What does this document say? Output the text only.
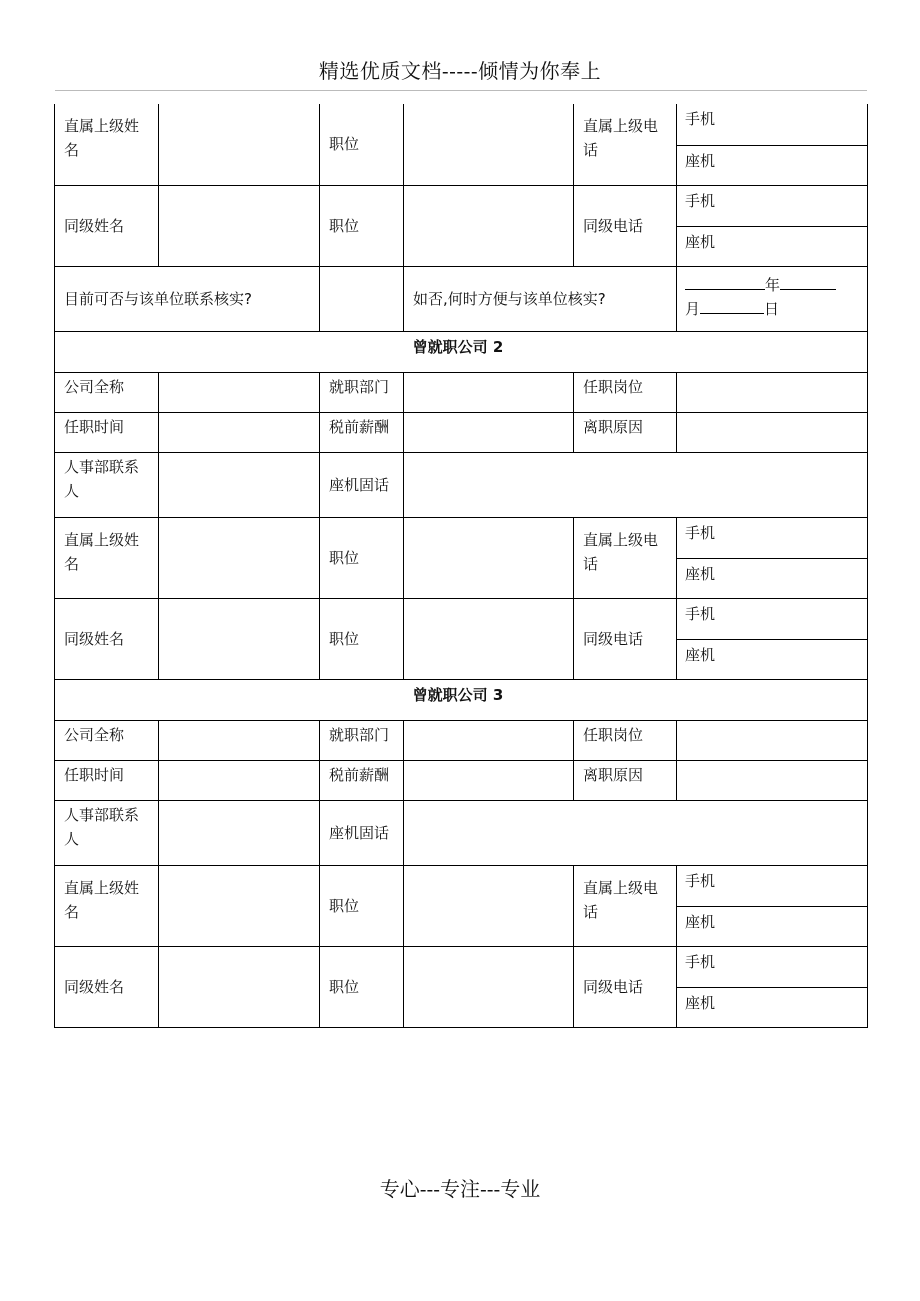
精选优质文档-----倾情为你奉上
直属上级姓名		职位		直属上级电话	手机

					座机

同级姓名		职位		同级电话	手机

					座机

目前可否与该单位联系核实?			如否,何时方便与该单位核实?		年
月 日

曾就职公司 2					

公司全称		就职部门		任职岗位	

任职时间		税前薪酬		离职原因	

人事部联系人		座机固话			

直属上级姓名		职位		直属上级电话	手机

					座机

同级姓名		职位		同级电话	手机

					座机

曾就职公司 3					

公司全称		就职部门		任职岗位	

任职时间		税前薪酬		离职原因	

人事部联系人		座机固话			

直属上级姓名		职位		直属上级电话	手机

					座机

同级姓名		职位		同级电话	手机

					座机
专心---专注---专业
